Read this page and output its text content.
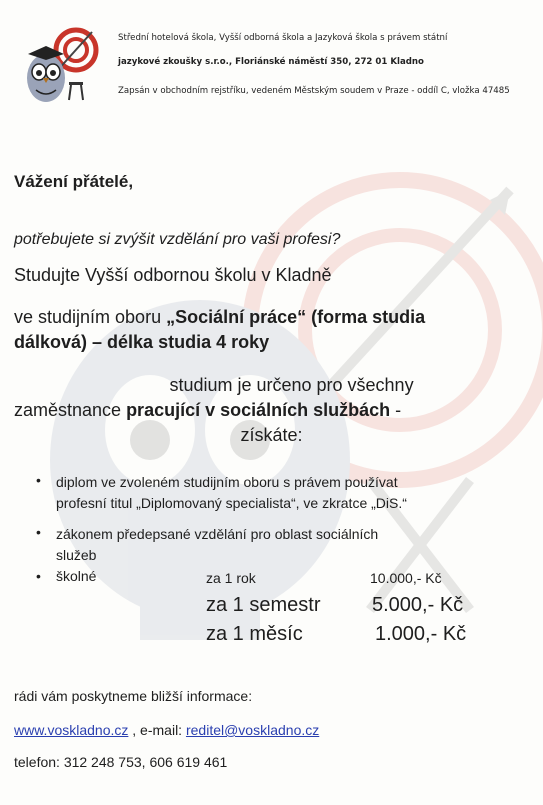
Střední hotelová škola, Vyšší odborná škola a Jazyková škola s právem státní
jazykové zkoušky s.r.o., Floriánské náměstí 350, 272 01 Kladno
Zapsán v obchodním rejstříku, vedeném Městským soudem v Praze - oddíl C, vložka 47485
Vážení přátelé,
potřebujete si zvýšit vzdělání pro vaši profesi?
Studujte Vyšší odbornou školu v Kladně
ve studijním oboru „Sociální práce“ (forma studia
dálková) – délka studia 4 roky
studium je určeno pro všechny
zaměstnance pracující v sociálních službách -
získáte:
• diplom ve zvoleném studijním oboru s právem používat
profesní titul „Diplomovaný specialista“, ve zkratce „DiS.“
• zákonem předepsané vzdělání pro oblast sociálních
služeb
• školné	za 1 rok	10.000,- Kč
za 1 semestr	5.000,- Kč
za 1 měsíc	1.000,- Kč
rádi vám poskytneme bližší informace:
www.voskladno.cz , e-mail: reditel@voskladno.cz
telefon: 312 248 753, 606 619 461
